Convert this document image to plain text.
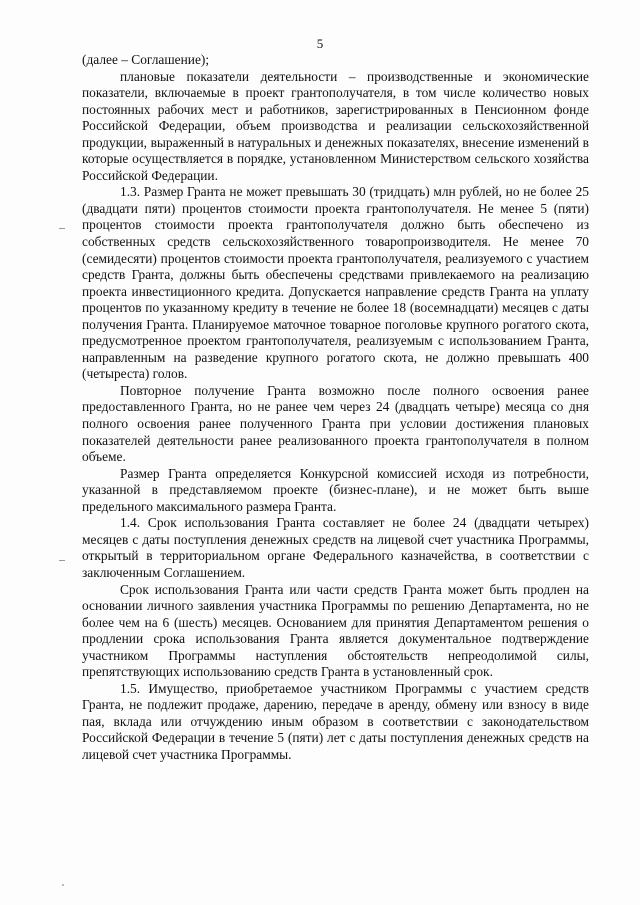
5

(далее – Соглашение);

плановые показатели деятельности – производственные и экономические показатели, включаемые в проект грантополучателя, в том числе количество новых постоянных рабочих мест и работников, зарегистрированных в Пенсионном фонде Российской Федерации, объем производства и реализации сельскохозяйственной продукции, выраженный в натуральных и денежных показателях, внесение изменений в которые осуществляется в порядке, установленном Министерством сельского хозяйства Российской Федерации.

1.3. Размер Гранта не может превышать 30 (тридцать) млн рублей, но не более 25 (двадцати пяти) процентов стоимости проекта грантополучателя. Не менее 5 (пяти) процентов стоимости проекта грантополучателя должно быть обеспечено из собственных средств сельскохозяйственного товаропроизводителя. Не менее 70 (семидесяти) процентов стоимости проекта грантополучателя, реализуемого с участием средств Гранта, должны быть обеспечены средствами привлекаемого на реализацию проекта инвестиционного кредита. Допускается направление средств Гранта на уплату процентов по указанному кредиту в течение не более 18 (восемнадцати) месяцев с даты получения Гранта. Планируемое маточное товарное поголовье крупного рогатого скота, предусмотренное проектом грантополучателя, реализуемым с использованием Гранта, направленным на разведение крупного рогатого скота, не должно превышать 400 (четыреста) голов.

Повторное получение Гранта возможно после полного освоения ранее предоставленного Гранта, но не ранее чем через 24 (двадцать четыре) месяца со дня полного освоения ранее полученного Гранта при условии достижения плановых показателей деятельности ранее реализованного проекта грантополучателя в полном объеме.

Размер Гранта определяется Конкурсной комиссией исходя из потребности, указанной в представляемом проекте (бизнес-плане), и не может быть выше предельного максимального размера Гранта.

1.4. Срок использования Гранта составляет не более 24 (двадцати четырех) месяцев с даты поступления денежных средств на лицевой счет участника Программы, открытый в территориальном органе Федерального казначейства, в соответствии с заключенным Соглашением.

Срок использования Гранта или части средств Гранта может быть продлен на основании личного заявления участника Программы по решению Департамента, но не более чем на 6 (шесть) месяцев. Основанием для принятия Департаментом решения о продлении срока использования Гранта является документальное подтверждение участником Программы наступления обстоятельств непреодолимой силы, препятствующих использованию средств Гранта в установленный срок.

1.5. Имущество, приобретаемое участником Программы с участием средств Гранта, не подлежит продаже, дарению, передаче в аренду, обмену или взносу в виде пая, вклада или отчуждению иным образом в соответствии с законодательством Российской Федерации в течение 5 (пяти) лет с даты поступления денежных средств на лицевой счет участника Программы.
